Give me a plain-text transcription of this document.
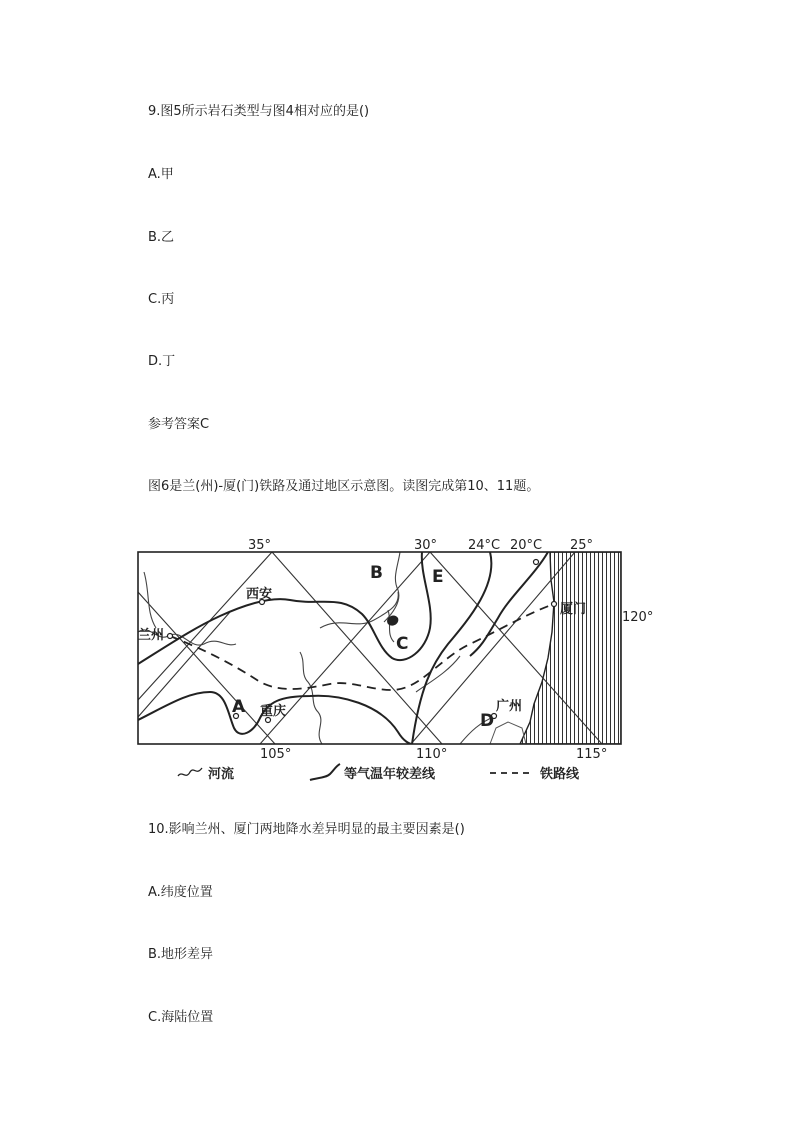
9.图5所示岩石类型与图4相对应的是()
A.甲
B.乙
C.丙
D.丁
参考答案C
图6是兰(州)-厦(门)铁路及通过地区示意图。读图完成第10、11题。
35°	30° 24°C 20°C 25°
120°
105°	110°	115°
兰州
西安
重庆	广州
厦门
A
B
C
D
E
河流	等气温年较差线	铁路线
10.影响兰州、厦门两地降水差异明显的最主要因素是()
A.纬度位置
B.地形差异
C.海陆位置
